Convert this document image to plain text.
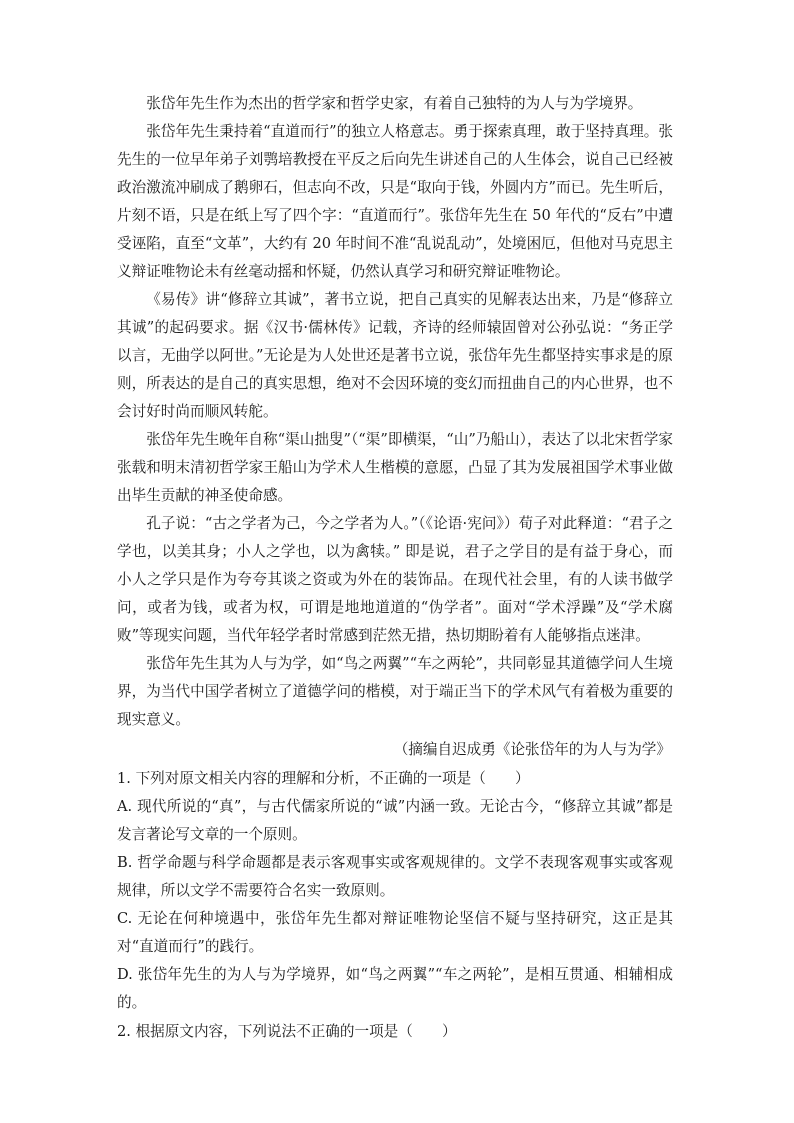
张岱年先生作为杰出的哲学家和哲学史家，有着自己独特的为人与为学境界。

张岱年先生秉持着“直道而行”的独立人格意志。勇于探索真理，敢于坚持真理。张先生的一位早年弟子刘鹗培教授在平反之后向先生讲述自己的人生体会，说自己已经被政治激流冲刷成了鹅卵石，但志向不改，只是“取向于钱，外圆内方”而已。先生听后，片刻不语，只是在纸上写了四个字：“直道而行”。张岱年先生在 50 年代的“反右”中遭受诬陷，直至“文革”，大约有 20 年时间不准“乱说乱动”，处境困厄，但他对马克思主义辩证唯物论未有丝毫动摇和怀疑，仍然认真学习和研究辩证唯物论。

《易传》讲“修辞立其诚”，著书立说，把自己真实的见解表达出来，乃是“修辞立其诚”的起码要求。据《汉书·儒林传》记载，齐诗的经师辕固曾对公孙弘说：“务正学以言，无曲学以阿世。”无论是为人处世还是著书立说，张岱年先生都坚持实事求是的原则，所表达的是自己的真实思想，绝对不会因环境的变幻而扭曲自己的内心世界，也不会讨好时尚而顺风转舵。

张岱年先生晚年自称“渠山拙叟”（“渠”即横渠，“山”乃船山），表达了以北宋哲学家张载和明末清初哲学家王船山为学术人生楷模的意愿，凸显了其为发展祖国学术事业做出毕生贡献的神圣使命感。

孔子说：“古之学者为己，今之学者为人。”（《论语·宪问》）荀子对此释道：“君子之学也，以美其身；小人之学也，以为禽犊。” 即是说，君子之学目的是有益于身心，而小人之学只是作为夸夸其谈之资或为外在的装饰品。在现代社会里，有的人读书做学问，或者为钱，或者为权，可谓是地地道道的“伪学者”。面对“学术浮躁”及“学术腐败”等现实问题，当代年轻学者时常感到茫然无措，热切期盼着有人能够指点迷津。

张岱年先生其为人与为学，如“鸟之两翼”“车之两轮”，共同彰显其道德学问人生境界，为当代中国学者树立了道德学问的楷模，对于端正当下的学术风气有着极为重要的现实意义。

（摘编自迟成勇《论张岱年的为人与为学》

1. 下列对原文相关内容的理解和分析，不正确的一项是（　　）

A. 现代所说的“真”，与古代儒家所说的“诚”内涵一致。无论古今，“修辞立其诚”都是发言著论写文章的一个原则。

B. 哲学命题与科学命题都是表示客观事实或客观规律的。文学不表现客观事实或客观规律，所以文学不需要符合名实一致原则。

C. 无论在何种境遇中，张岱年先生都对辩证唯物论坚信不疑与坚持研究，这正是其对“直道而行”的践行。

D. 张岱年先生的为人与为学境界，如“鸟之两翼”“车之两轮”，是相互贯通、相辅相成的。

2. 根据原文内容，下列说法不正确的一项是（　　）
